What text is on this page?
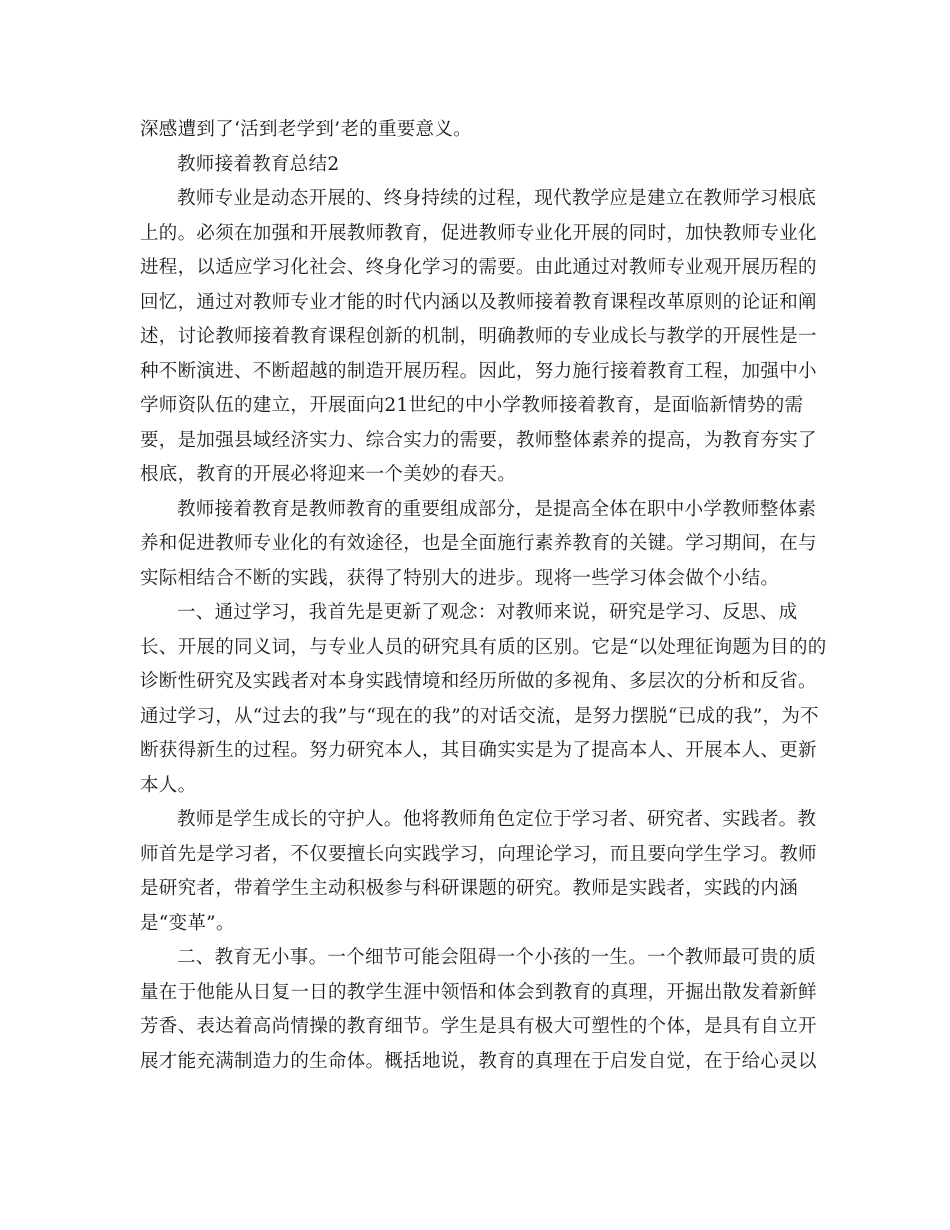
深感遭到了‘活到老学到’老的重要意义。

教师接着教育总结2

教师专业是动态开展的、终身持续的过程，现代教学应是建立在教师学习根底上的。必须在加强和开展教师教育，促进教师专业化开展的同时，加快教师专业化进程，以适应学习化社会、终身化学习的需要。由此通过对教师专业观开展历程的回忆，通过对教师专业才能的时代内涵以及教师接着教育课程改革原则的论证和阐述，讨论教师接着教育课程创新的机制，明确教师的专业成长与教学的开展性是一种不断演进、不断超越的制造开展历程。因此，努力施行接着教育工程，加强中小学师资队伍的建立，开展面向21世纪的中小学教师接着教育，是面临新情势的需要，是加强县域经济实力、综合实力的需要，教师整体素养的提高，为教育夯实了根底，教育的开展必将迎来一个美妙的春天。

教师接着教育是教师教育的重要组成部分，是提高全体在职中小学教师整体素养和促进教师专业化的有效途径，也是全面施行素养教育的关键。学习期间，在与实际相结合不断的实践，获得了特别大的进步。现将一些学习体会做个小结。

一、通过学习，我首先是更新了观念：对教师来说，研究是学习、反思、成长、开展的同义词，与专业人员的研究具有质的区别。它是“以处理征询题为目的的诊断性研究及实践者对本身实践情境和经历所做的多视角、多层次的分析和反省。通过学习，从“过去的我”与“现在的我”的对话交流，是努力摆脱“已成的我”，为不断获得新生的过程。努力研究本人，其目确实实是为了提高本人、开展本人、更新本人。

教师是学生成长的守护人。他将教师角色定位于学习者、研究者、实践者。教师首先是学习者，不仅要擅长向实践学习，向理论学习，而且要向学生学习。教师是研究者，带着学生主动积极参与科研课题的研究。教师是实践者，实践的内涵是“变革”。

二、教育无小事。一个细节可能会阻碍一个小孩的一生。一个教师最可贵的质量在于他能从日复一日的教学生涯中领悟和体会到教育的真理，开掘出散发着新鲜芳香、表达着高尚情操的教育细节。学生是具有极大可塑性的个体，是具有自立开展才能充满制造力的生命体。概括地说，教育的真理在于启发自觉，在于给心灵以
